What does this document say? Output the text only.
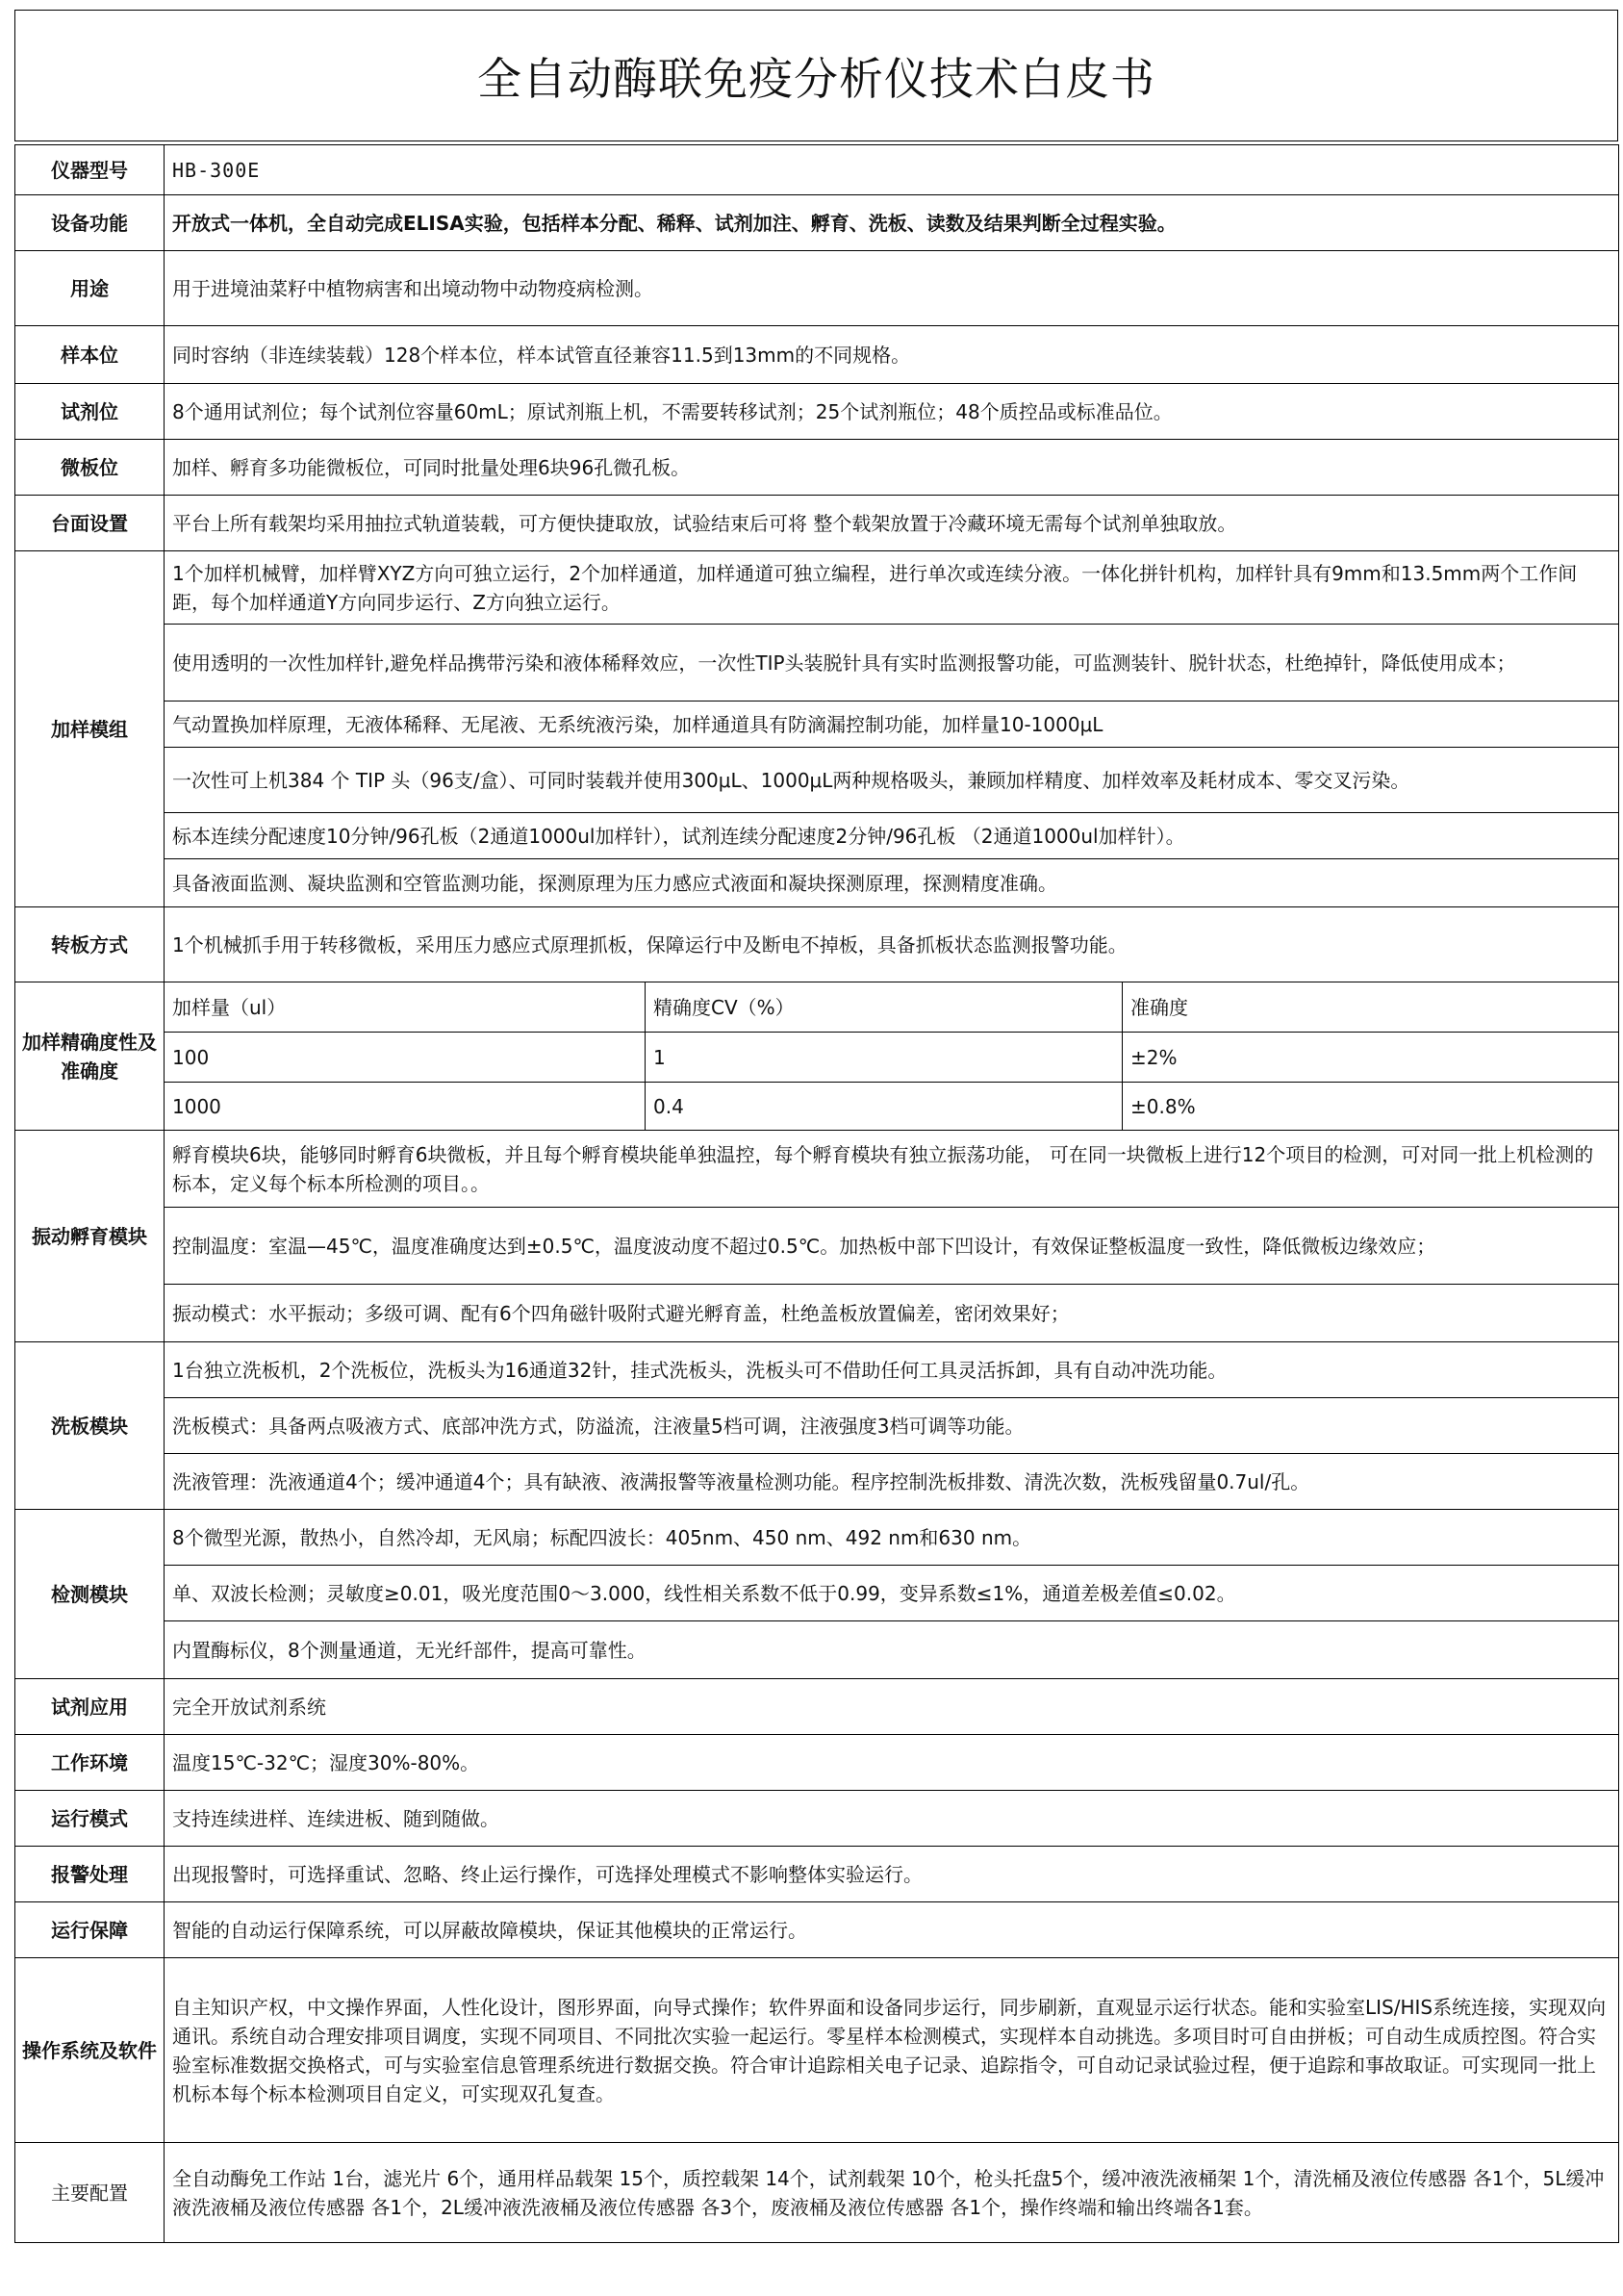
全自动酶联免疫分析仪技术白皮书
仪器型号	HB-300E		
设备功能	开放式一体机，全自动完成ELISA实验，包括样本分配、稀释、试剂加注、孵育、洗板、读数及结果判断全过程实验。		
用途	用于进境油菜籽中植物病害和出境动物中动物疫病检测。		
样本位	同时容纳（非连续装载）128个样本位，样本试管直径兼容11.5到13mm的不同规格。		
试剂位	8个通用试剂位；每个试剂位容量60mL；原试剂瓶上机，不需要转移试剂；25个试剂瓶位；48个质控品或标准品位。		
微板位	加样、孵育多功能微板位，可同时批量处理6块96孔微孔板。		
台面设置	平台上所有载架均采用抽拉式轨道装载，可方便快捷取放，试验结束后可将 整个载架放置于冷藏环境无需每个试剂单独取放。		
加样模组	1个加样机械臂，加样臂XYZ方向可独立运行，2个加样通道，加样通道可独立编程，进行单次或连续分液。一体化拼针机构，加样针具有9mm和13.5mm两个工作间距，每个加样通道Y方向同步运行、Z方向独立运行。		
	使用透明的一次性加样针,避免样品携带污染和液体稀释效应，一次性TIP头装脱针具有实时监测报警功能，可监测装针、脱针状态，杜绝掉针，降低使用成本；		
	气动置换加样原理，无液体稀释、无尾液、无系统液污染，加样通道具有防滴漏控制功能，加样量10-1000μL		
	一次性可上机384 个 TIP 头（96支/盒）、可同时装载并使用300μL、1000μL两种规格吸头，兼顾加样精度、加样效率及耗材成本、零交叉污染。		
	标本连续分配速度10分钟/96孔板（2通道1000ul加样针），试剂连续分配速度2分钟/96孔板 （2通道1000ul加样针）。		
	具备液面监测、凝块监测和空管监测功能，探测原理为压力感应式液面和凝块探测原理，探测精度准确。		
转板方式	1个机械抓手用于转移微板，采用压力感应式原理抓板，保障运行中及断电不掉板，具备抓板状态监测报警功能。		
加样精确度性及准确度	加样量（ul）	精确度CV（%）	准确度
	100	1	±2%
	1000	0.4	±0.8%
振动孵育模块	孵育模块6块，能够同时孵育6块微板，并且每个孵育模块能单独温控，每个孵育模块有独立振荡功能， 可在同一块微板上进行12个项目的检测，可对同一批上机检测的标本，定义每个标本所检测的项目。。		
	控制温度：室温—45℃，温度准确度达到±0.5℃，温度波动度不超过0.5℃。加热板中部下凹设计，有效保证整板温度一致性，降低微板边缘效应；		
	振动模式：水平振动；多级可调、配有6个四角磁针吸附式避光孵育盖，杜绝盖板放置偏差，密闭效果好；		
洗板模块	1台独立洗板机，2个洗板位，洗板头为16通道32针，挂式洗板头，洗板头可不借助任何工具灵活拆卸，具有自动冲洗功能。		
	洗板模式：具备两点吸液方式、底部冲洗方式，防溢流，注液量5档可调，注液强度3档可调等功能。		
	洗液管理：洗液通道4个；缓冲通道4个；具有缺液、液满报警等液量检测功能。程序控制洗板排数、清洗次数，洗板残留量0.7ul/孔。		
检测模块	8个微型光源，散热小，自然冷却，无风扇；标配四波长：405nm、450 nm、492 nm和630 nm。		
	单、双波长检测；灵敏度≥0.01，吸光度范围0～3.000，线性相关系数不低于0.99，变异系数≤1%，通道差极差值≤0.02。		
	内置酶标仪，8个测量通道，无光纤部件，提高可靠性。		
试剂应用	完全开放试剂系统		
工作环境	温度15℃-32℃；湿度30%-80%。		
运行模式	支持连续进样、连续进板、随到随做。		
报警处理	出现报警时，可选择重试、忽略、终止运行操作，可选择处理模式不影响整体实验运行。		
运行保障	智能的自动运行保障系统，可以屏蔽故障模块，保证其他模块的正常运行。		
操作系统及软件	自主知识产权，中文操作界面，人性化设计，图形界面，向导式操作；软件界面和设备同步运行，同步刷新，直观显示运行状态。能和实验室LIS/HIS系统连接，实现双向通讯。系统自动合理安排项目调度，实现不同项目、不同批次实验一起运行。零星样本检测模式，实现样本自动挑选。多项目时可自由拼板；可自动生成质控图。符合实验室标准数据交换格式，可与实验室信息管理系统进行数据交换。符合审计追踪相关电子记录、追踪指令，可自动记录试验过程，便于追踪和事故取证。可实现同一批上机标本每个标本检测项目自定义，可实现双孔复查。		
主要配置	全自动酶免工作站 1台，滤光片 6个，通用样品载架 15个，质控载架 14个，试剂载架 10个，枪头托盘5个，缓冲液洗液桶架 1个，清洗桶及液位传感器 各1个，5L缓冲液洗液桶及液位传感器 各1个，2L缓冲液洗液桶及液位传感器 各3个，废液桶及液位传感器 各1个，操作终端和输出终端各1套。		
